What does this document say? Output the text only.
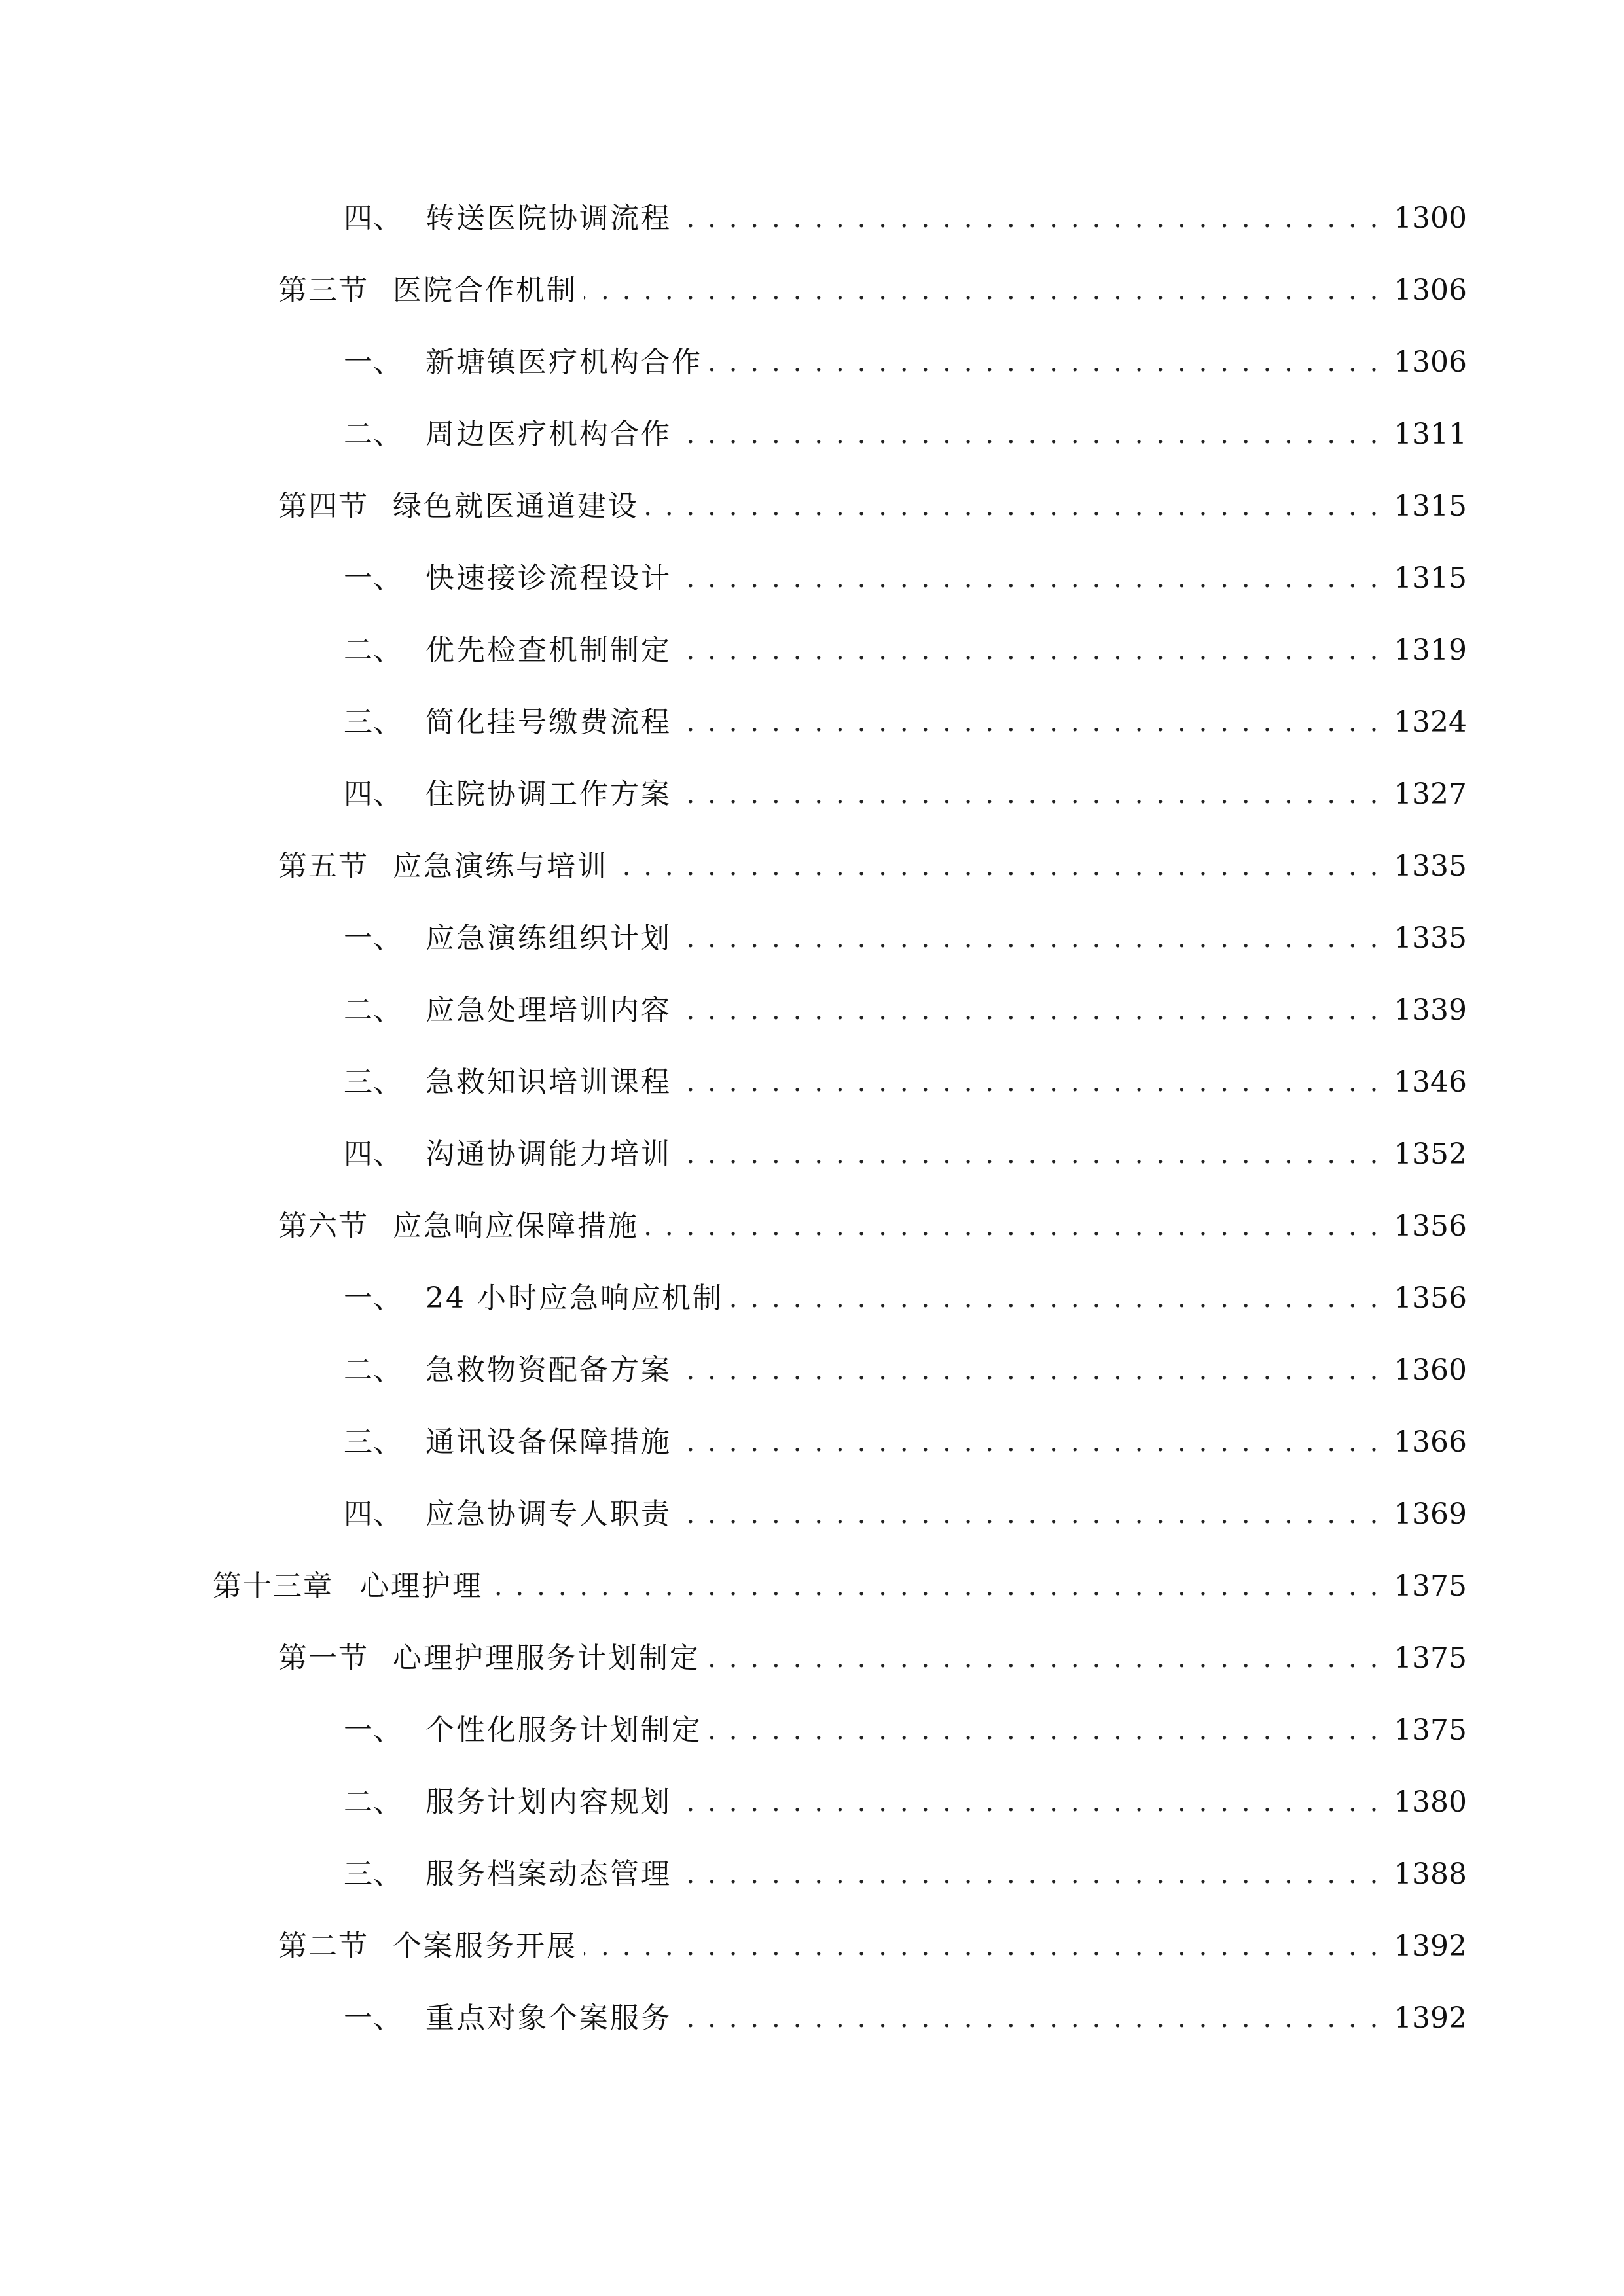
四、 转送医院协调流程 . . .	1300
第三节 医院合作机制 . . .	1306
一、 新塘镇医疗机构合作 . . .	1306
二、 周边医疗机构合作 . . .	1311
第四节 绿色就医通道建设 . . .	1315
一、 快速接诊流程设计 . . .	1315
二、 优先检查机制制定 . . .	1319
三、 简化挂号缴费流程 . . .	1324
四、 住院协调工作方案 . . .	1327
第五节 应急演练与培训 . . .	1335
一、 应急演练组织计划 . . .	1335
二、 应急处理培训内容 . . .	1339
三、 急救知识培训课程 . . .	1346
四、 沟通协调能力培训 . . .	1352
第六节 应急响应保障措施 . . .	1356
一、 24 小时应急响应机制 . . .	1356
二、 急救物资配备方案 . . .	1360
三、 通讯设备保障措施 . . .	1366
四、 应急协调专人职责 . . .	1369
第十三章 心理护理 . . .	1375
第一节 心理护理服务计划制定 . . .	1375
一、 个性化服务计划制定 . . .	1375
二、 服务计划内容规划 . . .	1380
三、 服务档案动态管理 . . .	1388
第二节 个案服务开展 . . .	1392
一、 重点对象个案服务 . . .	1392
